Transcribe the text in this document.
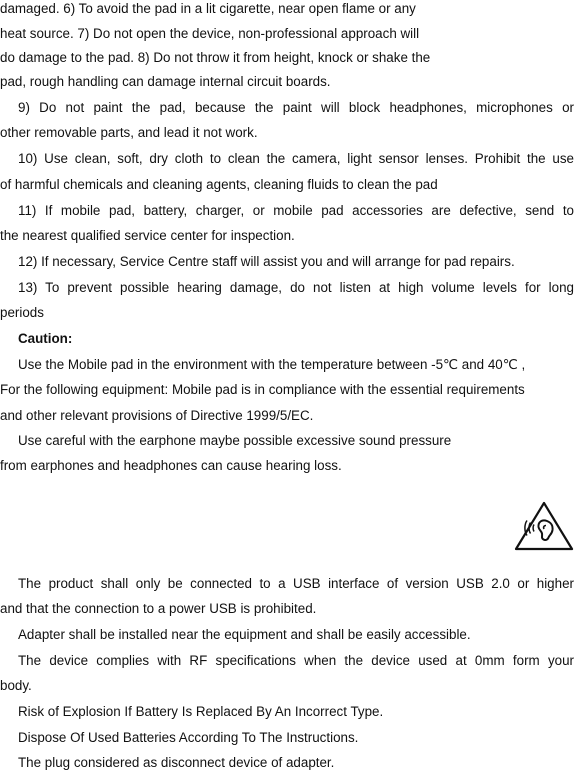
damaged. 6) To avoid the pad in a lit cigarette, near open flame or any
heat source. 7) Do not open the device, non-professional approach will
do damage to the pad. 8) Do not throw it from height, knock or shake the
pad, rough handling can damage internal circuit boards.
9) Do not paint the pad, because the paint will block headphones, microphones or
other removable parts, and lead it not work.
10) Use clean, soft, dry cloth to clean the camera, light sensor lenses. Prohibit the use
of harmful chemicals and cleaning agents, cleaning fluids to clean the pad
11) If mobile pad, battery, charger, or mobile pad accessories are defective, send to
the nearest qualified service center for inspection.
12) If necessary, Service Centre staff will assist you and will arrange for pad repairs.
13) To prevent possible hearing damage, do not listen at high volume levels for long
periods
Caution:
Use the Mobile pad in the environment with the temperature between -5℃ and 40℃ ,
For the following equipment: Mobile pad is in compliance with the essential requirements
and other relevant provisions of Directive 1999/5/EC.
Use careful with the earphone maybe possible excessive sound pressure
from earphones and headphones can cause hearing loss.
The product shall only be connected to a USB interface of version USB 2.0 or higher
and that the connection to a power USB is prohibited.
Adapter shall be installed near the equipment and shall be easily accessible.
The device complies with RF specifications when the device used at 0mm form your
body.
Risk of Explosion If Battery Is Replaced By An Incorrect Type.
Dispose Of Used Batteries According To The Instructions.
The plug considered as disconnect device of adapter.
